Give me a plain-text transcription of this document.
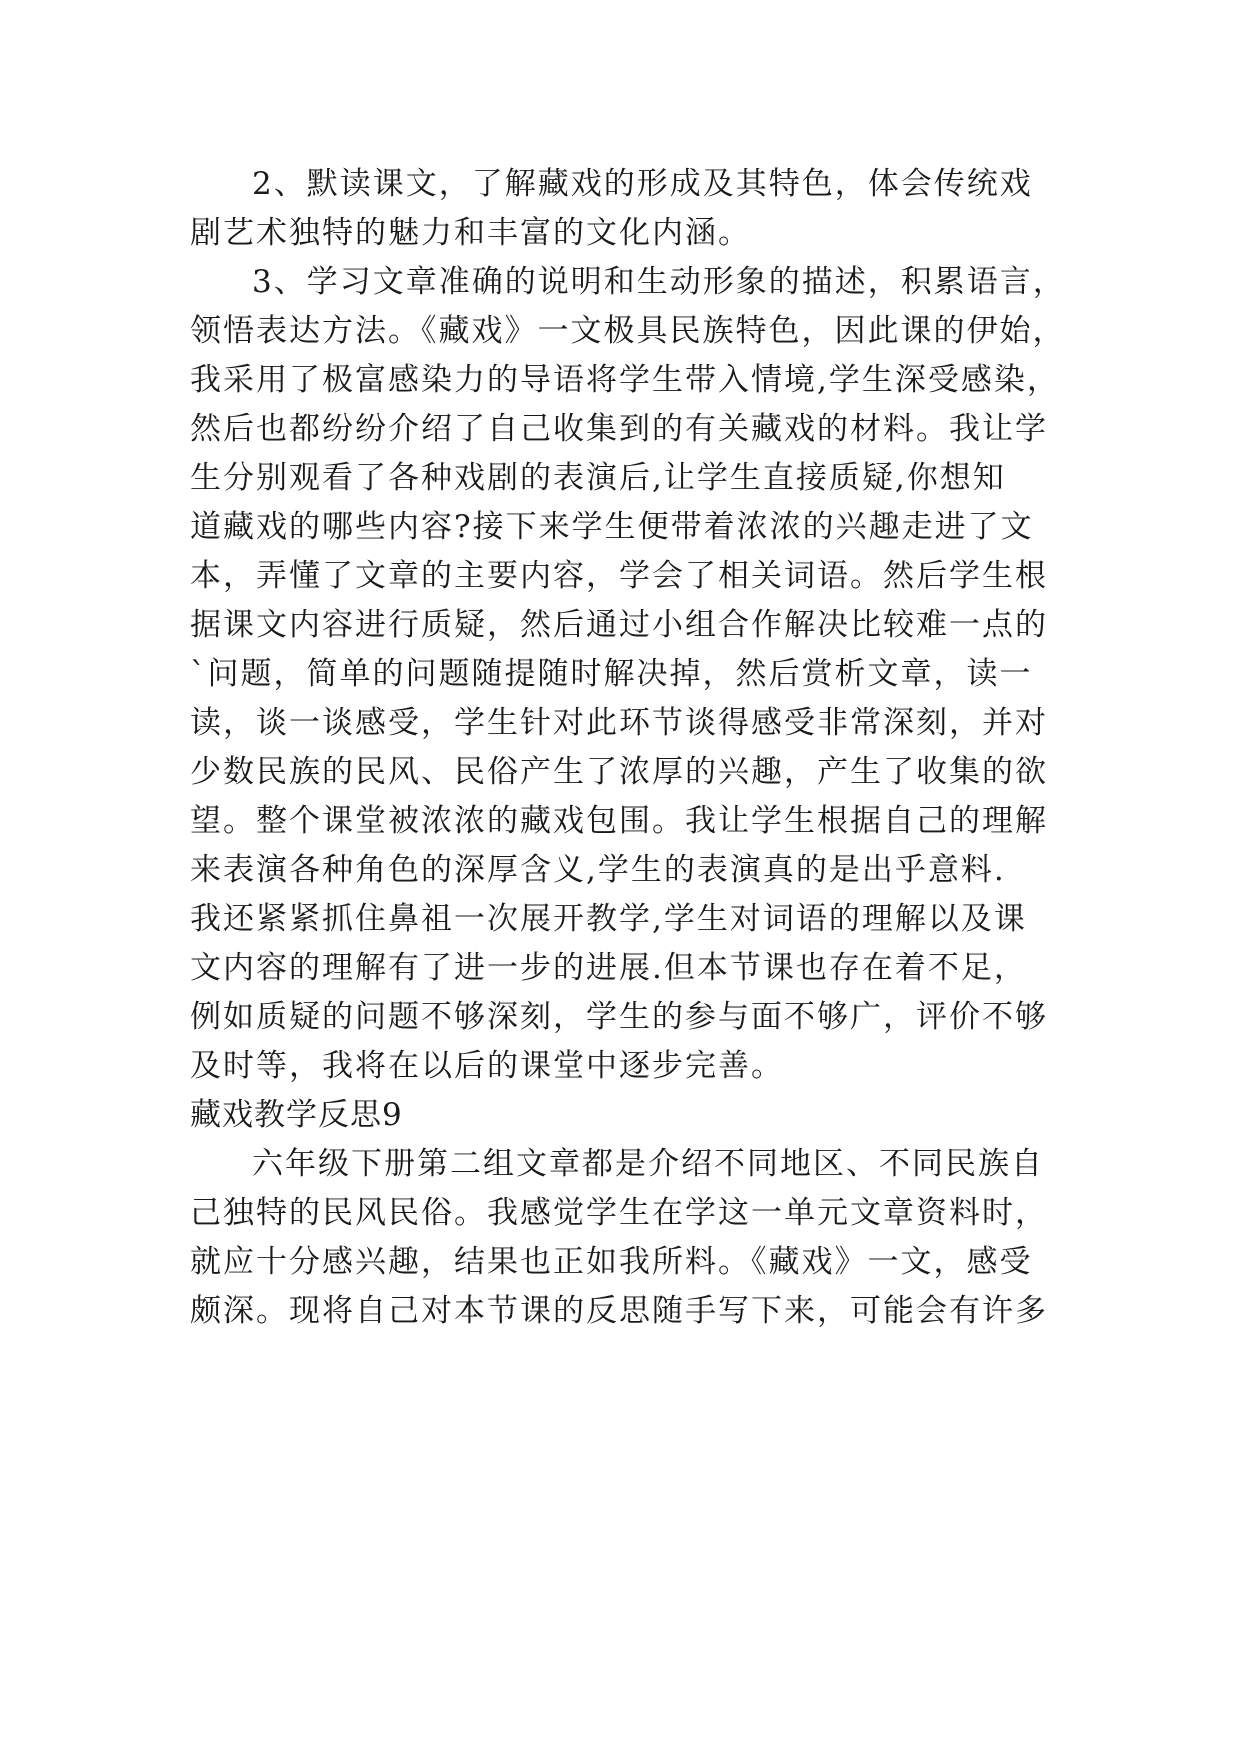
2、默读课文，了解藏戏的形成及其特色，体会传统戏
剧艺术独特的魅力和丰富的文化内涵。
3、学习文章准确的说明和生动形象的描述，积累语言，
领悟表达方法。《藏戏》一文极具民族特色，因此课的伊始，
我采用了极富感染力的导语将学生带入情境,学生深受感染，
然后也都纷纷介绍了自己收集到的有关藏戏的材料。我让学
生分别观看了各种戏剧的表演后,让学生直接质疑,你想知
道藏戏的哪些内容?接下来学生便带着浓浓的兴趣走进了文
本，弄懂了文章的主要内容，学会了相关词语。然后学生根
据课文内容进行质疑，然后通过小组合作解决比较难一点的
`问题，简单的问题随提随时解决掉，然后赏析文章，读一
读，谈一谈感受，学生针对此环节谈得感受非常深刻，并对
少数民族的民风、民俗产生了浓厚的兴趣，产生了收集的欲
望。整个课堂被浓浓的藏戏包围。我让学生根据自己的理解
来表演各种角色的深厚含义,学生的表演真的是出乎意料.
我还紧紧抓住鼻祖一次展开教学,学生对词语的理解以及课
文内容的理解有了进一步的进展.但本节课也存在着不足，
例如质疑的问题不够深刻，学生的参与面不够广，评价不够
及时等，我将在以后的课堂中逐步完善。
藏戏教学反思9
六年级下册第二组文章都是介绍不同地区、不同民族自
己独特的民风民俗。我感觉学生在学这一单元文章资料时，
就应十分感兴趣，结果也正如我所料。《藏戏》一文，感受
颇深。现将自己对本节课的反思随手写下来，可能会有许多
